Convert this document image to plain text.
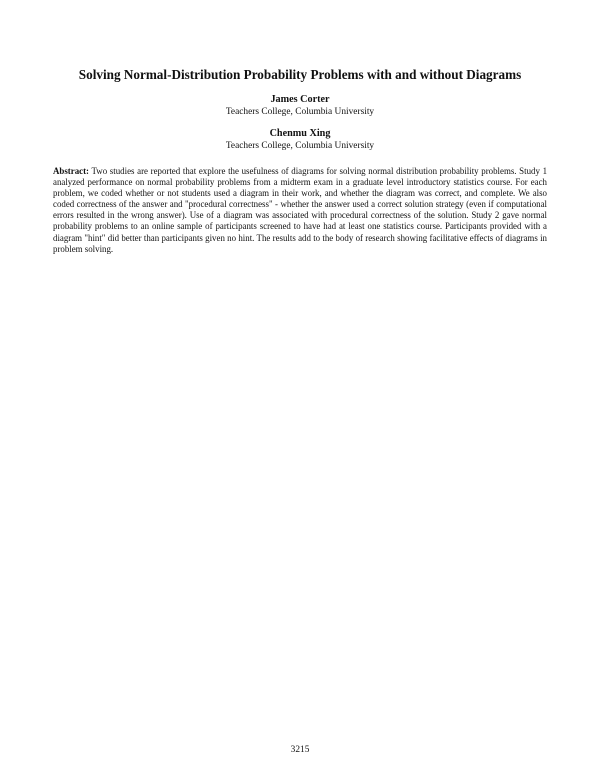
Solving Normal-Distribution Probability Problems with and without Diagrams
James Corter
Teachers College, Columbia University
Chenmu Xing
Teachers College, Columbia University
Abstract: Two studies are reported that explore the usefulness of diagrams for solving normal distribution probability problems. Study 1 analyzed performance on normal probability problems from a midterm exam in a graduate level introductory statistics course. For each problem, we coded whether or not students used a diagram in their work, and whether the diagram was correct, and complete. We also coded correctness of the answer and "procedural correctness" - whether the answer used a correct solution strategy (even if computational errors resulted in the wrong answer). Use of a diagram was associated with procedural correctness of the solution. Study 2 gave normal probability problems to an online sample of participants screened to have had at least one statistics course. Participants provided with a diagram "hint" did better than participants given no hint. The results add to the body of research showing facilitative effects of diagrams in problem solving.
3215
